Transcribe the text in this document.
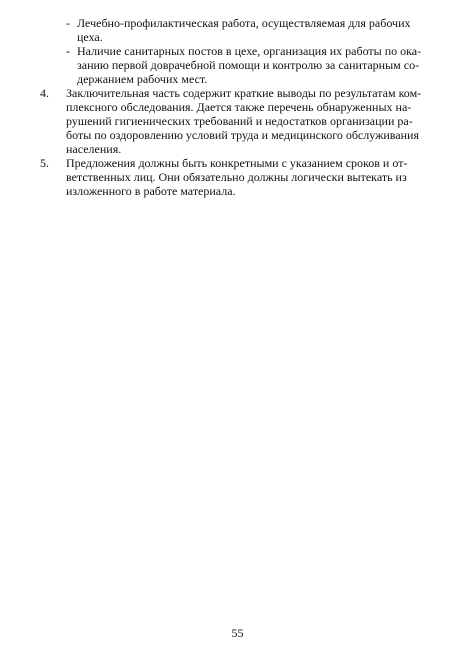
- Лечебно-профилактическая работа, осуществляемая для рабочих
цеха.
- Наличие санитарных постов в цехе, организация их работы по ока-
занию первой доврачебной помощи и контролю за санитарным со-
держанием рабочих мест.
4. Заключительная часть содержит краткие выводы по результатам ком-
плексного обследования. Дается также перечень обнаруженных на-
рушений гигиенических требований и недостатков организации ра-
боты по оздоровлению условий труда и медицинского обслуживания
населения.
5. Предложения должны быть конкретными с указанием сроков и от-
ветственных лиц. Они обязательно должны логически вытекать из
изложенного в работе материала.
55
